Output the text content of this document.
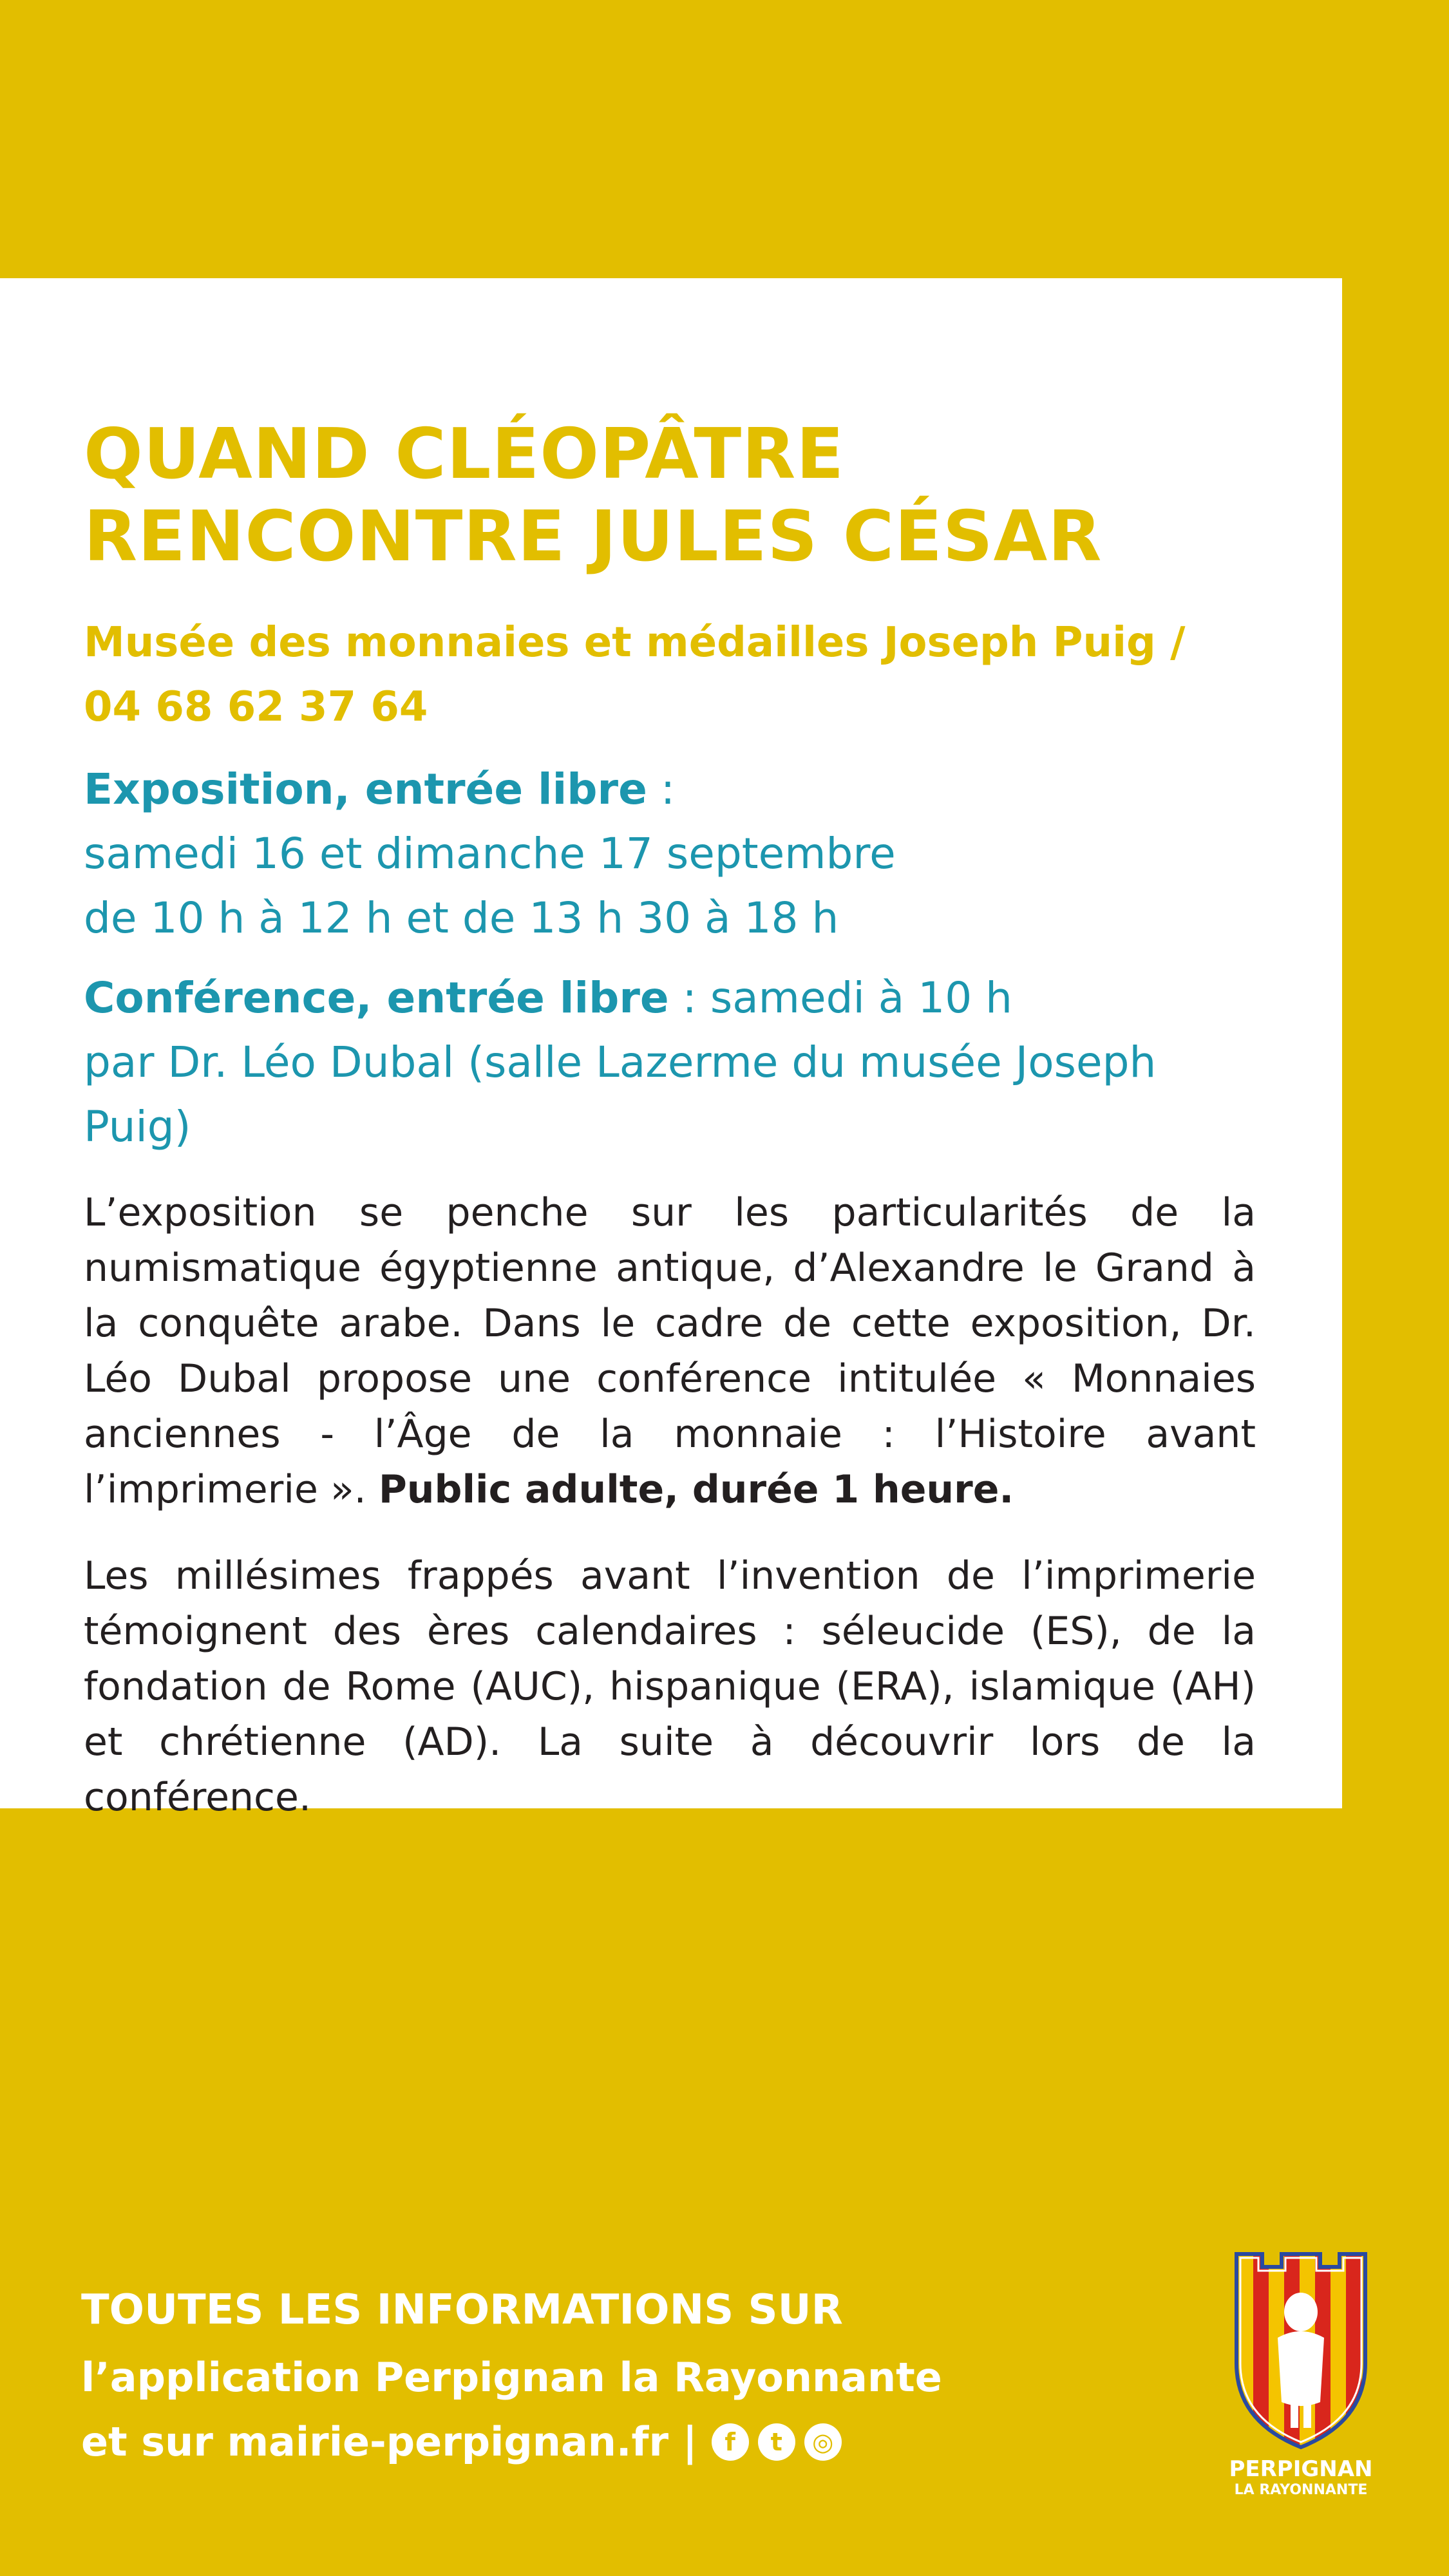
QUAND CLÉOPÂTRE
RENCONTRE JULES CÉSAR

Musée des monnaies et médailles Joseph Puig /
04 68 62 37 64

Exposition, entrée libre :
samedi 16 et dimanche 17 septembre
de 10 h à 12 h et de 13 h 30 à 18 h

Conférence, entrée libre : samedi à 10 h
par Dr. Léo Dubal (salle Lazerme du musée Joseph Puig)

L’exposition se penche sur les particularités de la numismatique égyptienne antique, d’Alexandre le Grand à la conquête arabe. Dans le cadre de cette exposition, Dr. Léo Dubal propose une conférence intitulée « Monnaies anciennes - l’Âge de la monnaie : l’Histoire avant l’imprimerie ». Public adulte, durée 1 heure.

Les millésimes frappés avant l’invention de l’imprimerie témoignent des ères calendaires : séleucide (ES), de la fondation de Rome (AUC), hispanique (ERA), islamique (AH) et chrétienne (AD). La suite à découvrir lors de la conférence.

TOUTES LES INFORMATIONS SUR
l’application Perpignan la Rayonnante
et sur mairie-perpignan.fr |	f	t	◎
PERPIGNAN
LA RAYONNANTE
